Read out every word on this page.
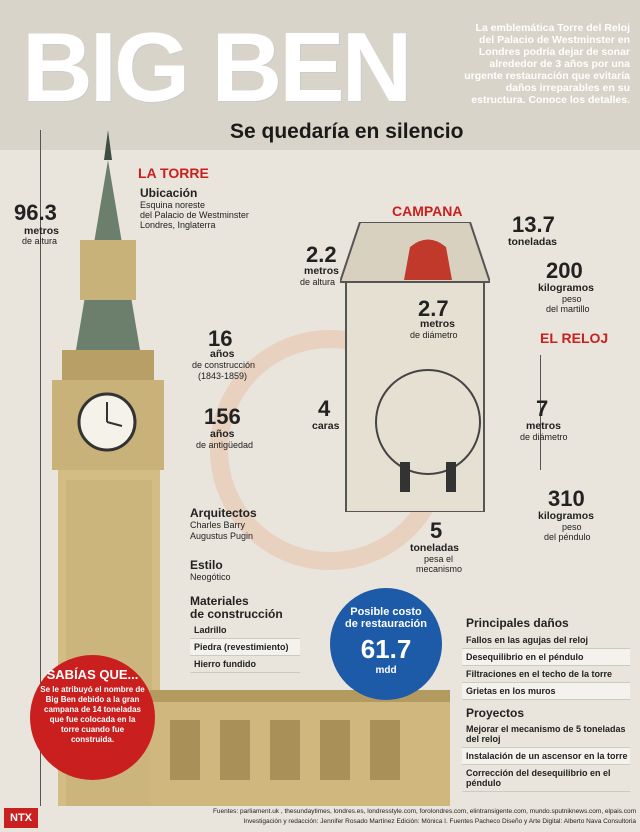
BIG BEN
Se quedaría en silencio
La emblemática Torre del Reloj del Palacio de Westminster en Londres podría dejar de sonar alrededor de 3 años por una urgente restauración que evitaría daños irreparables en su estructura. Conoce los detalles.
96.3
metros
de altura
LA TORRE
Ubicación
Esquina noreste
del Palacio de Westminster
Londres, Inglaterra
16
años
de construcción
(1843-1859)
156
años
de antigüedad
Arquitectos
Charles Barry
Augustus Pugin
Estilo
Neogótico
Materiales
de construcción
Ladrillo
Piedra (revestimiento)
Hierro fundido
CAMPANA
13.7
toneladas
2.2
metros
de altura
2.7
metros
de diámetro
200
kilogramos
peso
del martillo
EL RELOJ
4
caras
7
metros
de diámetro
310
kilogramos
peso
del péndulo
5
toneladas
pesa el
mecanismo
Posible costo
de restauración
61.7
mdd
Principales daños
Fallos en las agujas del reloj
Desequilibrio en el péndulo
Filtraciones en el techo de la torre
Grietas en los muros
Proyectos
Mejorar el mecanismo de 5 toneladas del reloj
Instalación de un ascensor en la torre
Corrección del desequilibrio en el péndulo
SABÍAS QUE...
Se le atribuyó el nombre de Big Ben debido a la gran campana de 14 toneladas que fue colocada en la torre cuando fue construida.
NTX
Fuentes: parliament.uk , thesundaytimes, londres.es, londresstyle.com, forolondres.com, elintransigente.com, mundo.sputniknews.com, elpais.com
Investigación y redacción: Jennifer Rosado Martínez Edición: Mónica I. Fuentes Pacheco Diseño y Arte Digital: Alberto Nava Consultoria
